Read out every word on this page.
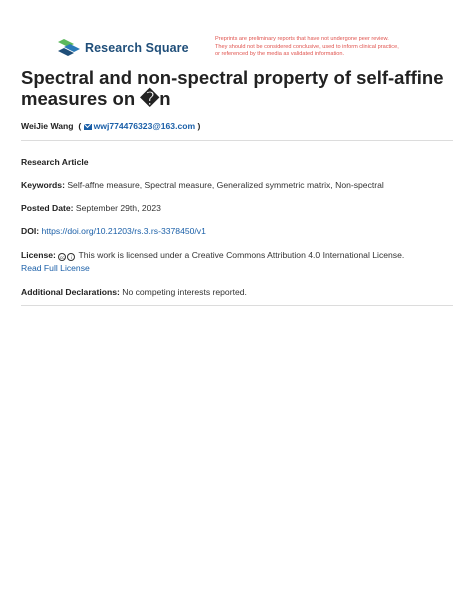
Research Square
Preprints are preliminary reports that have not undergone peer review.
They should not be considered conclusive, used to inform clinical practice,
or referenced by the media as validated information.
Spectral and non-spectral property of self-affine
measures on �n
WeiJie Wang ( wwj774476323@163.com )
Research Article
Keywords: Self-affne measure, Spectral measure, Generalized symmetric matrix, Non-spectral
Posted Date: September 29th, 2023
DOI: https://doi.org/10.21203/rs.3.rs-3378450/v1
License: cc i This work is licensed under a Creative Commons Attribution 4.0 International License.
Read Full License
Additional Declarations: No competing interests reported.
